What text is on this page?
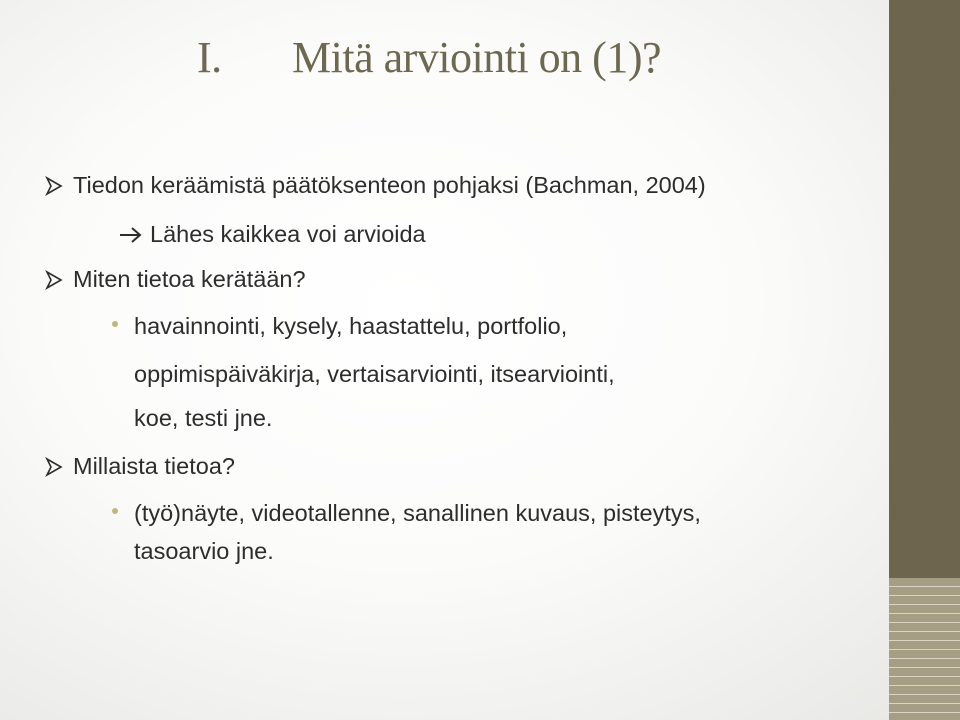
I. Mitä arviointi on (1)?
Tiedon keräämistä päätöksenteon pohjaksi (Bachman, 2004)
Lähes kaikkea voi arvioida
Miten tietoa kerätään?
havainnointi, kysely, haastattelu, portfolio,
oppimispäiväkirja, vertaisarviointi, itsearviointi,
koe, testi jne.
Millaista tietoa?
(työ)näyte, videotallenne, sanallinen kuvaus, pisteytys,
tasoarvio jne.
